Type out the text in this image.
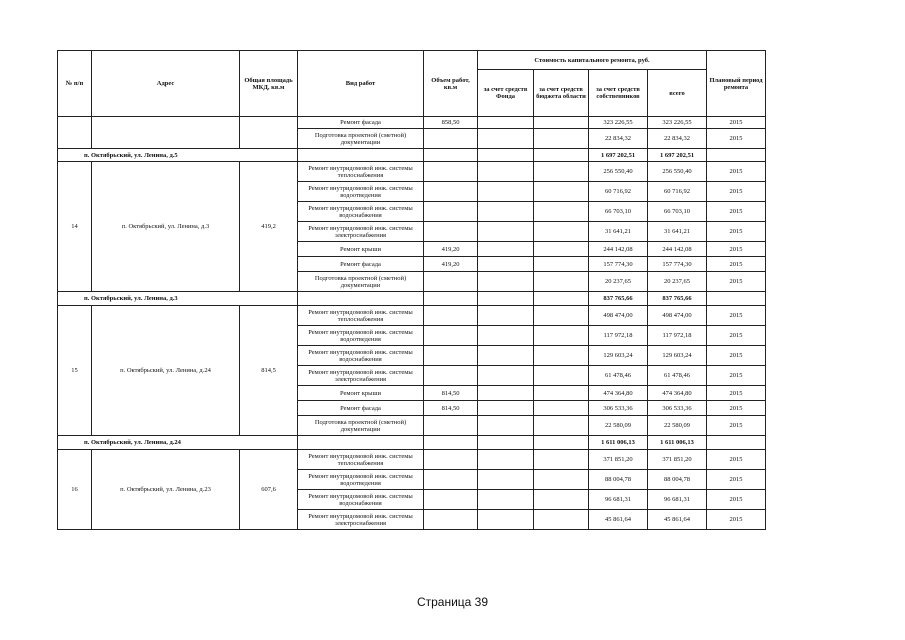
№ п/п	Адрес	Общая площадь МКД, кв.м	Вид работ	Объем работ, кв.м	Стоимость капитального ремонта, руб.				Плановый период ремонта
					за счет средств Фонда	за счет средств бюджета области	за счет средств собственников	всего	
			Ремонт фасада	858,50			323 226,55	323 226,55	2015
			Подготовка проектной (сметной) документации				22 834,32	22 834,32	2015
п. Октябрьский, ул. Ленина, д.5							1 697 202,51	1 697 202,51	
14	п. Октябрьский, ул. Ленина, д.3	419,2	Ремонт внутридомовой инж. системы теплоснабжения				256 550,40	256 550,40	2015
			Ремонт внутридомовой инж. системы водоотведения				60 716,92	60 716,92	2015
			Ремонт внутридомовой инж. системы водоснабжения				66 703,10	66 703,10	2015
			Ремонт внутридомовой инж. системы электроснабжения				31 641,21	31 641,21	2015
			Ремонт крыши	419,20			244 142,08	244 142,08	2015
			Ремонт фасада	419,20			157 774,30	157 774,30	2015
			Подготовка проектной (сметной) документации				20 237,65	20 237,65	2015
п. Октябрьский, ул. Ленина, д.3							837 765,66	837 765,66	
15	п. Октябрьский, ул. Ленина, д.24	814,5	Ремонт внутридомовой инж. системы теплоснабжения				498 474,00	498 474,00	2015
			Ремонт внутридомовой инж. системы водоотведения				117 972,18	117 972,18	2015
			Ремонт внутридомовой инж. системы водоснабжения				129 603,24	129 603,24	2015
			Ремонт внутридомовой инж. системы электроснабжения				61 478,46	61 478,46	2015
			Ремонт крыши	814,50			474 364,80	474 364,80	2015
			Ремонт фасада	814,50			306 533,36	306 533,36	2015
			Подготовка проектной (сметной) документации				22 580,09	22 580,09	2015
п. Октябрьский, ул. Ленина, д.24							1 611 006,13	1 611 006,13	
16	п. Октябрьский, ул. Ленина, д.23	607,6	Ремонт внутридомовой инж. системы теплоснабжения				371 851,20	371 851,20	2015
			Ремонт внутридомовой инж. системы водоотведения				88 004,78	88 004,78	2015
			Ремонт внутридомовой инж. системы водоснабжения				96 681,31	96 681,31	2015
			Ремонт внутридомовой инж. системы электроснабжения				45 861,64	45 861,64	2015
Страница 39
